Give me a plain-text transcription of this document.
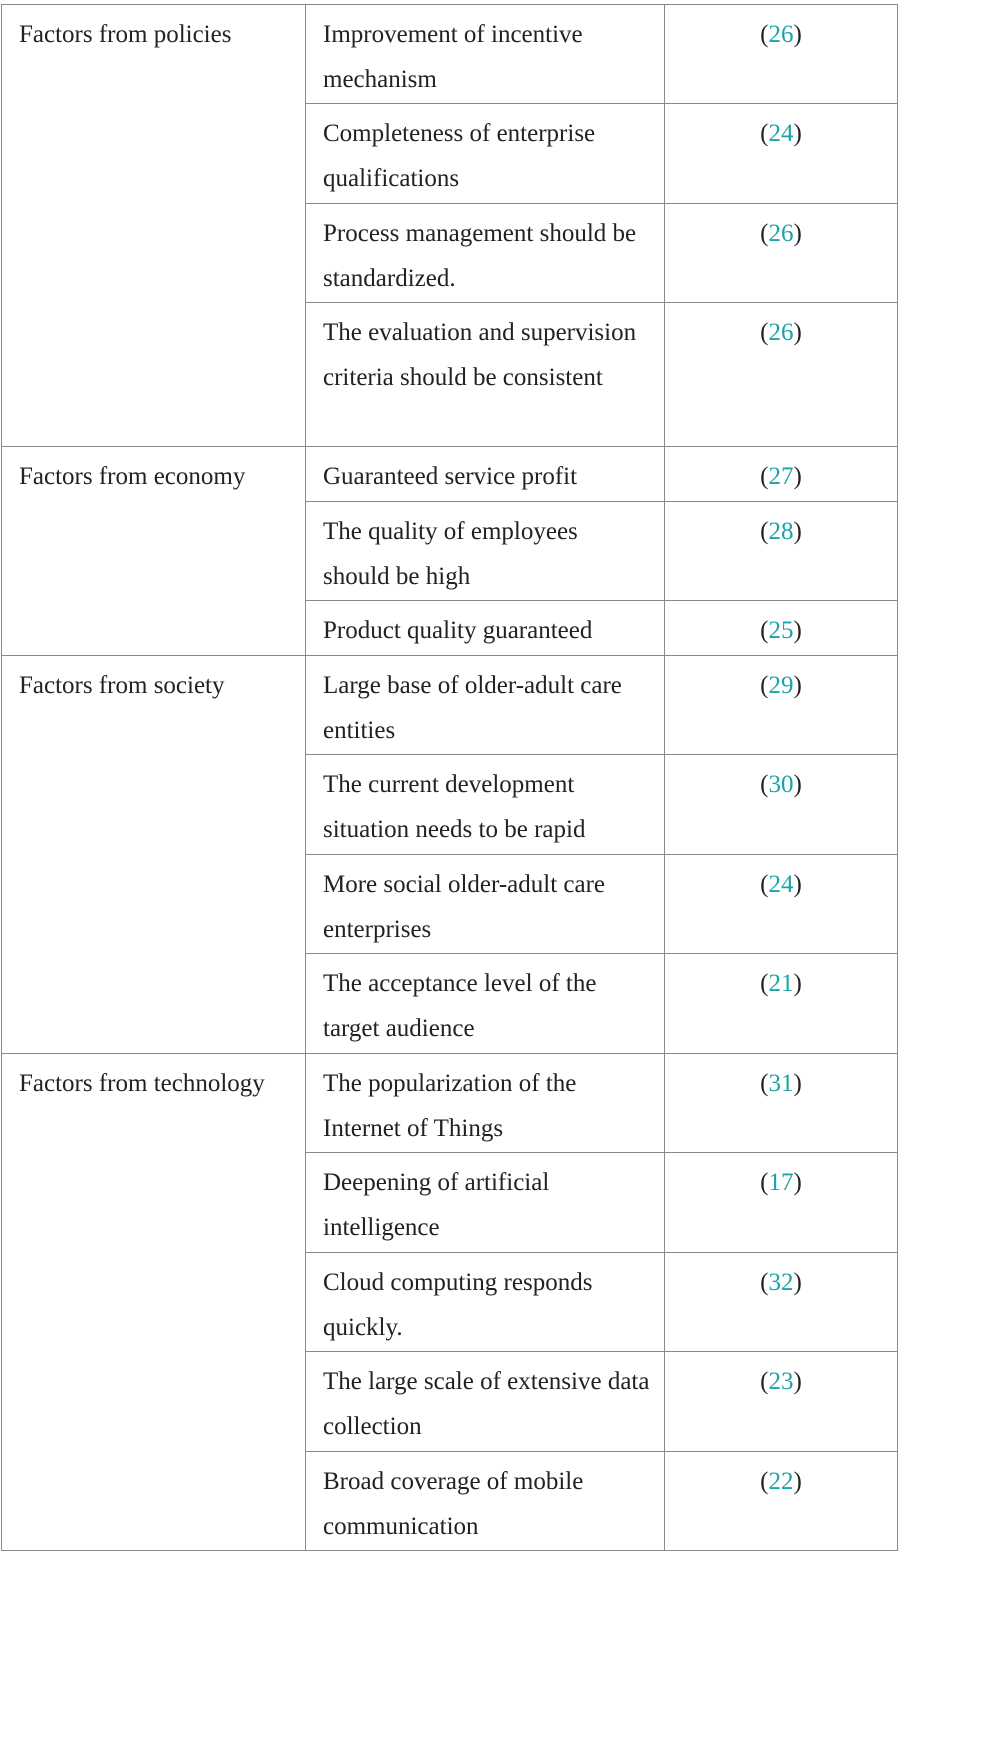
Factors from policies	Improvement of incentive mechanism	(26)
	Completeness of enterprise qualifications	(24)
	Process management should be standardized.	(26)
	The evaluation and supervision criteria should be consistent	(26)
Factors from economy	Guaranteed service profit	(27)
	The quality of employees should be high	(28)
	Product quality guaranteed	(25)
Factors from society	Large base of older-adult care entities	(29)
	The current development situation needs to be rapid	(30)
	More social older-adult care enterprises	(24)
	The acceptance level of the target audience	(21)
Factors from technology	The popularization of the Internet of Things	(31)
	Deepening of artificial intelligence	(17)
	Cloud computing responds quickly.	(32)
	The large scale of extensive data collection	(23)
	Broad coverage of mobile communication	(22)
